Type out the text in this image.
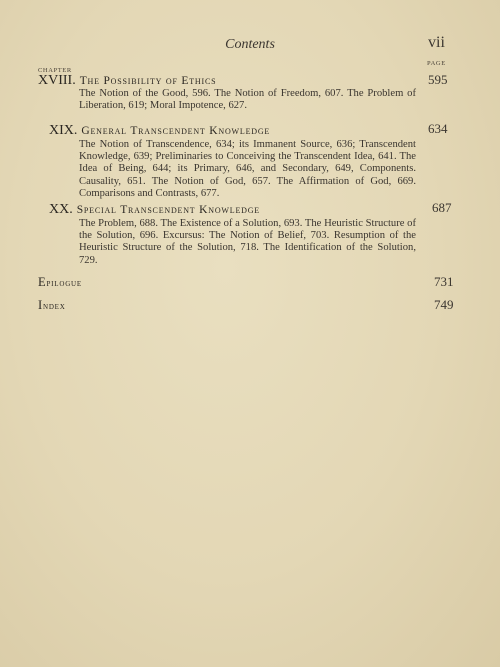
Contents	vii
CHAPTER
PAGE
XVIII. The Possibility of Ethics	595
The Notion of the Good, 596. The Notion of Freedom, 607. The Problem of Liberation, 619; Moral Impotence, 627.
XIX. General Transcendent Knowledge	634
The Notion of Transcendence, 634; its Immanent Source, 636; Transcendent Knowledge, 639; Preliminaries to Conceiving the Transcendent Idea, 641. The Idea of Being, 644; its Primary, 646, and Secondary, 649, Components. Causality, 651. The Notion of God, 657. The Affirmation of God, 669. Comparisons and Contrasts, 677.
XX. Special Transcendent Knowledge	687
The Problem, 688. The Existence of a Solution, 693. The Heuristic Structure of the Solution, 696. Excursus: The Notion of Belief, 703. Resumption of the Heuristic Structure of the Solution, 718. The Identification of the Solution, 729.
Epilogue	731
Index	749
